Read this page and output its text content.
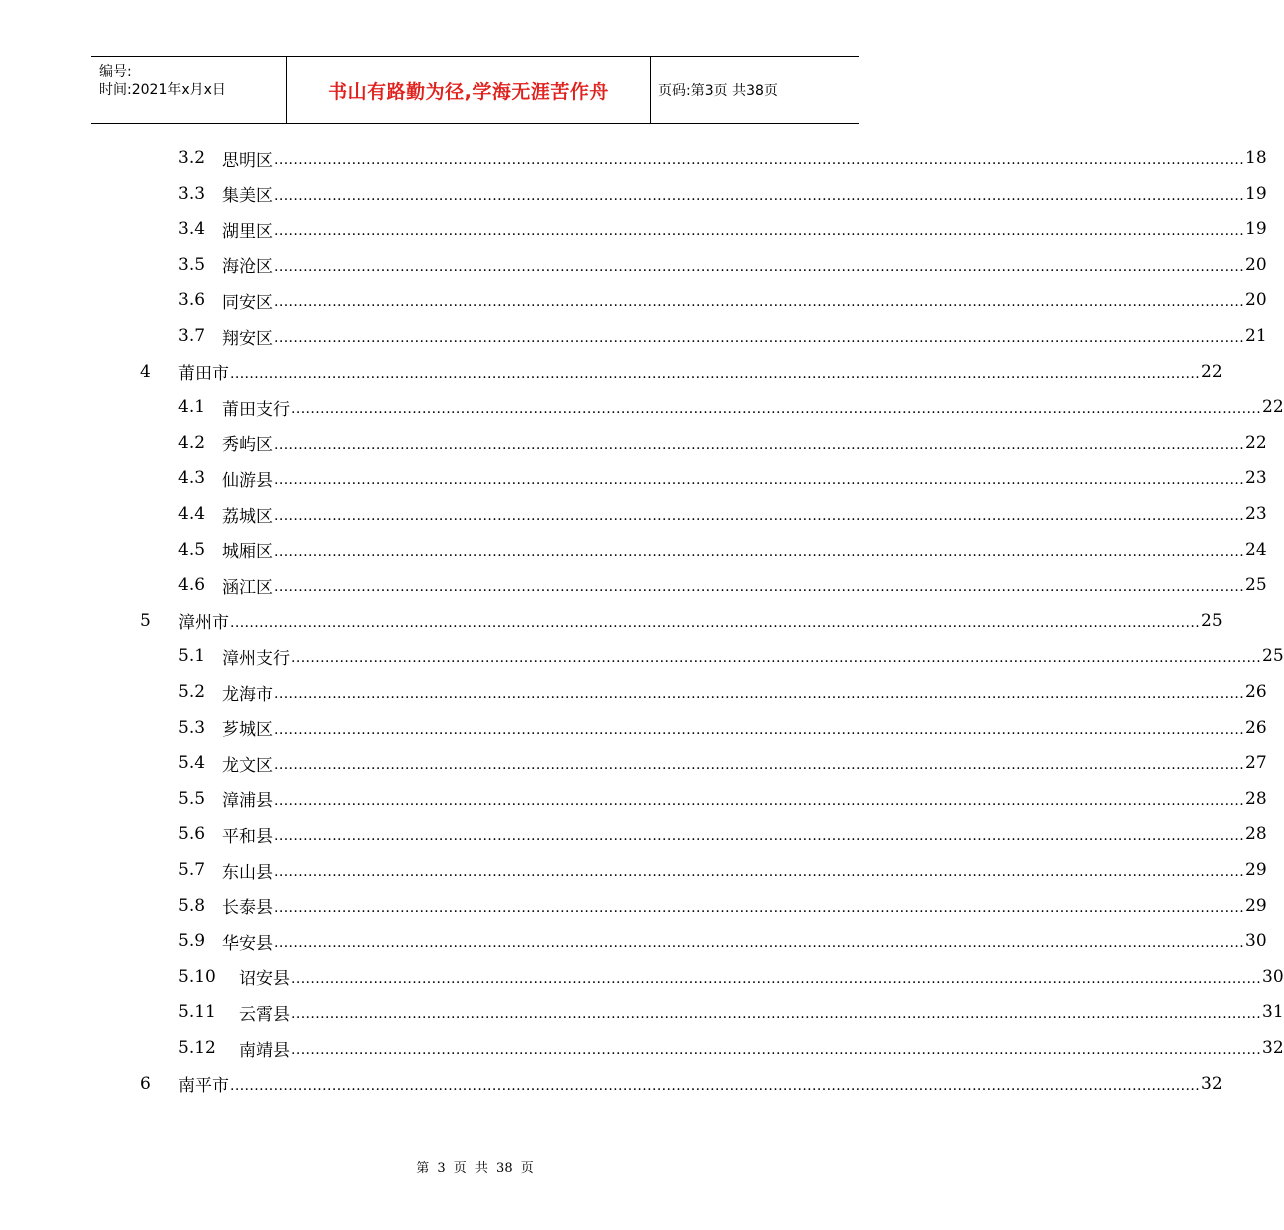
编号:
时间:2021年x月x日	书山有路勤为径,学海无涯苦作舟	页码:第3页 共38页
3.2 思明区 ........................................................................................................................................................................................................ 18
3.3 集美区 ........................................................................................................................................................................................................ 19
3.4 湖里区 ........................................................................................................................................................................................................ 19
3.5 海沧区 ........................................................................................................................................................................................................ 20
3.6 同安区 ........................................................................................................................................................................................................ 20
3.7 翔安区 ........................................................................................................................................................................................................ 21
4	莆田市 ........................................................................................................................................................................................................ 22
4.1 莆田支行 ........................................................................................................................................................................................................ 22
4.2 秀屿区 ........................................................................................................................................................................................................ 22
4.3 仙游县 ........................................................................................................................................................................................................ 23
4.4 荔城区 ........................................................................................................................................................................................................ 23
4.5 城厢区 ........................................................................................................................................................................................................ 24
4.6 涵江区 ........................................................................................................................................................................................................ 25
5	漳州市 ........................................................................................................................................................................................................ 25
5.1 漳州支行 ........................................................................................................................................................................................................ 25
5.2 龙海市 ........................................................................................................................................................................................................ 26
5.3 芗城区 ........................................................................................................................................................................................................ 26
5.4 龙文区 ........................................................................................................................................................................................................ 27
5.5 漳浦县 ........................................................................................................................................................................................................ 28
5.6 平和县 ........................................................................................................................................................................................................ 28
5.7 东山县 ........................................................................................................................................................................................................ 29
5.8 长泰县 ........................................................................................................................................................................................................ 29
5.9 华安县 ........................................................................................................................................................................................................ 30
5.10	诏安县 ........................................................................................................................................................................................................ 30
5.11	云霄县 ........................................................................................................................................................................................................ 31
5.12	南靖县 ........................................................................................................................................................................................................ 32
6	南平市 ........................................................................................................................................................................................................ 32
第 3 页 共 38 页
